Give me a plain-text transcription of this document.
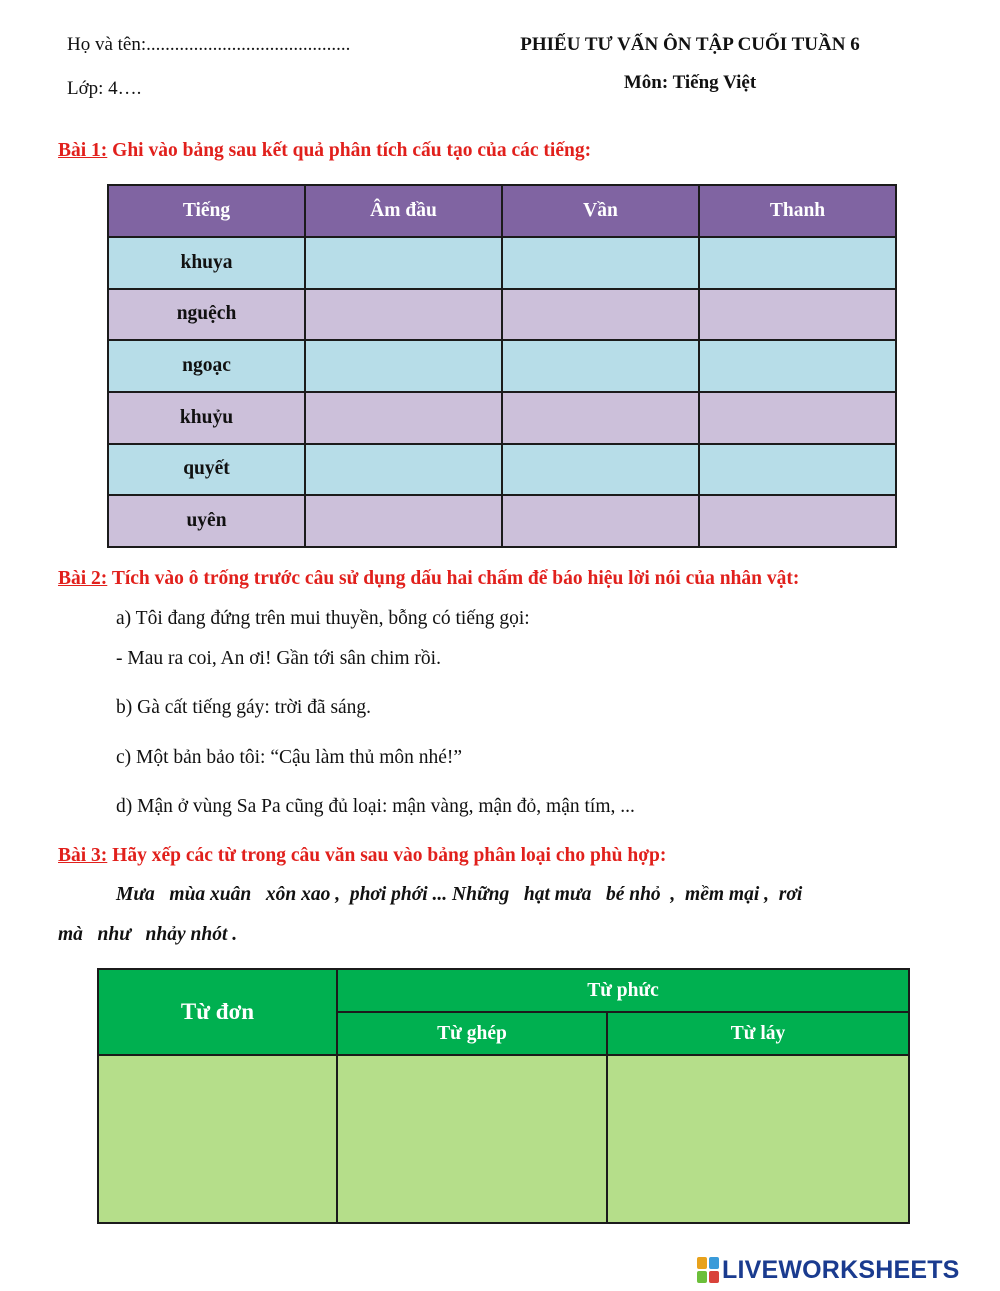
Họ và tên:...........................................
Lớp: 4….
PHIẾU TƯ VẤN ÔN TẬP CUỐI TUẦN 6
Môn: Tiếng Việt
Bài 1: Ghi vào bảng sau kết quả phân tích cấu tạo của các tiếng:
Tiếng	Âm đầu	Vần	Thanh
khuya			
nguệch			
ngoạc			
khuỷu			
quyết			
uyên			
Bài 2: Tích vào ô trống trước câu sử dụng dấu hai chấm để báo hiệu lời nói của nhân vật:
a) Tôi đang đứng trên mui thuyền, bỗng có tiếng gọi:
- Mau ra coi, An ơi! Gần tới sân chim rồi.
b) Gà cất tiếng gáy: trời đã sáng.
c) Một bản bảo tôi: “Cậu làm thủ môn nhé!”
d) Mận ở vùng Sa Pa cũng đủ loại: mận vàng, mận đỏ, mận tím, ...
Bài 3: Hãy xếp các từ trong câu văn sau vào bảng phân loại cho phù hợp:
Mưa   mùa xuân   xôn xao ,  phơi phới ... Những   hạt mưa   bé nhỏ  ,  mềm mại ,  rơi
mà   như   nhảy nhót .
Từ đơn	Từ phức	
	Từ ghép	Từ láy

LIVEWORKSHEETS
